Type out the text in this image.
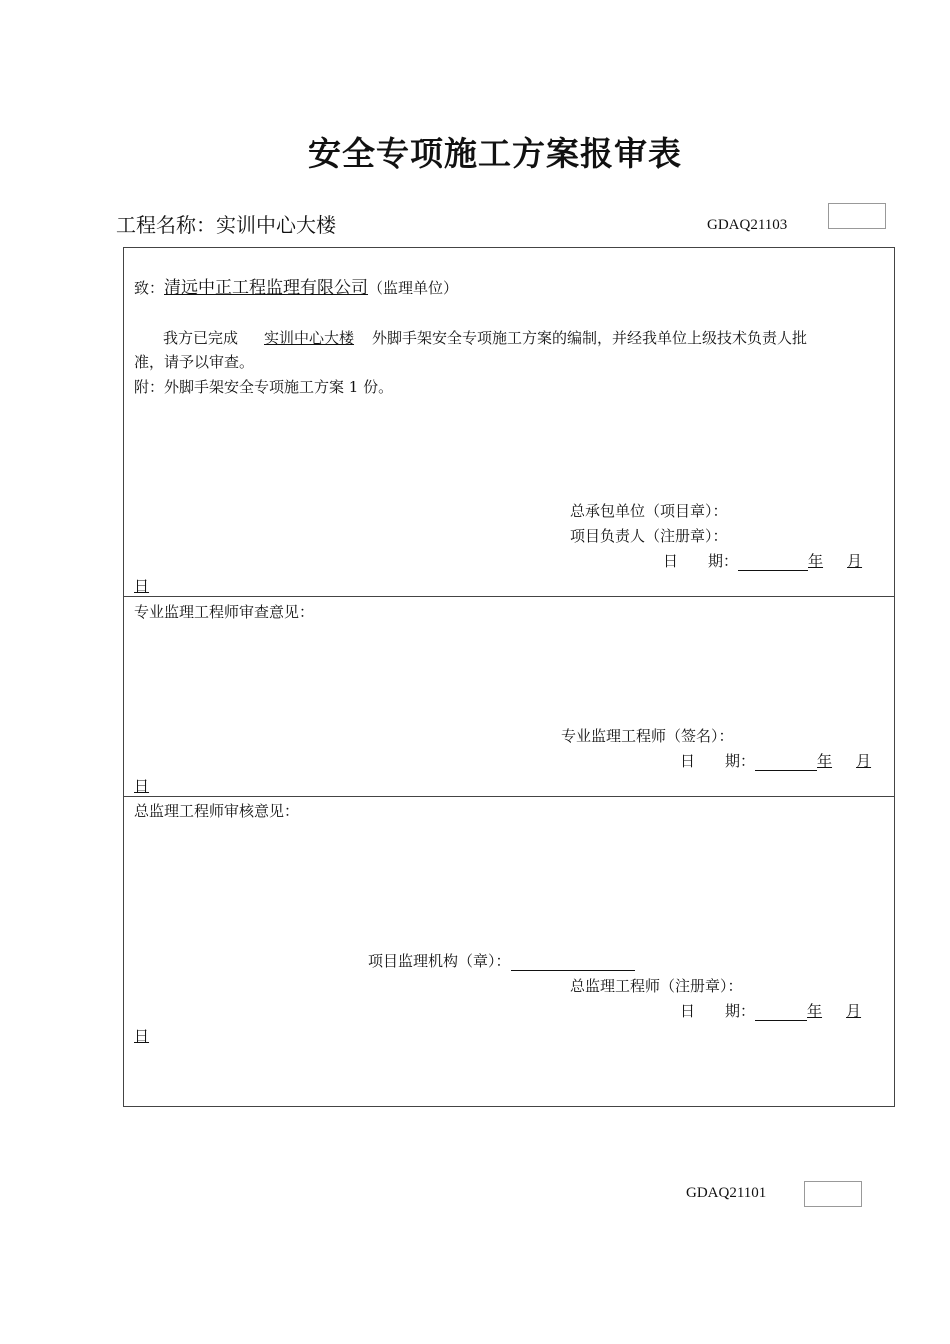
安全专项施工方案报审表
工程名称：实训中心大楼	GDAQ21103
致：清远中正工程监理有限公司（监理单位）
我方已完成 实训中心大楼 外脚手架安全专项施工方案的编制，并经我单位上级技术负责人批
准，请予以审查。
附：外脚手架安全专项施工方案 1 份。
总承包单位（项目章）：
项目负责人（注册章）：
日　　期：	年 月
日
专业监理工程师审查意见：
专业监理工程师（签名）：
日　　期：	年 月
日
总监理工程师审核意见：
项目监理机构（章）：
总监理工程师（注册章）：
日　　期：	年 月
日
GDAQ21101
